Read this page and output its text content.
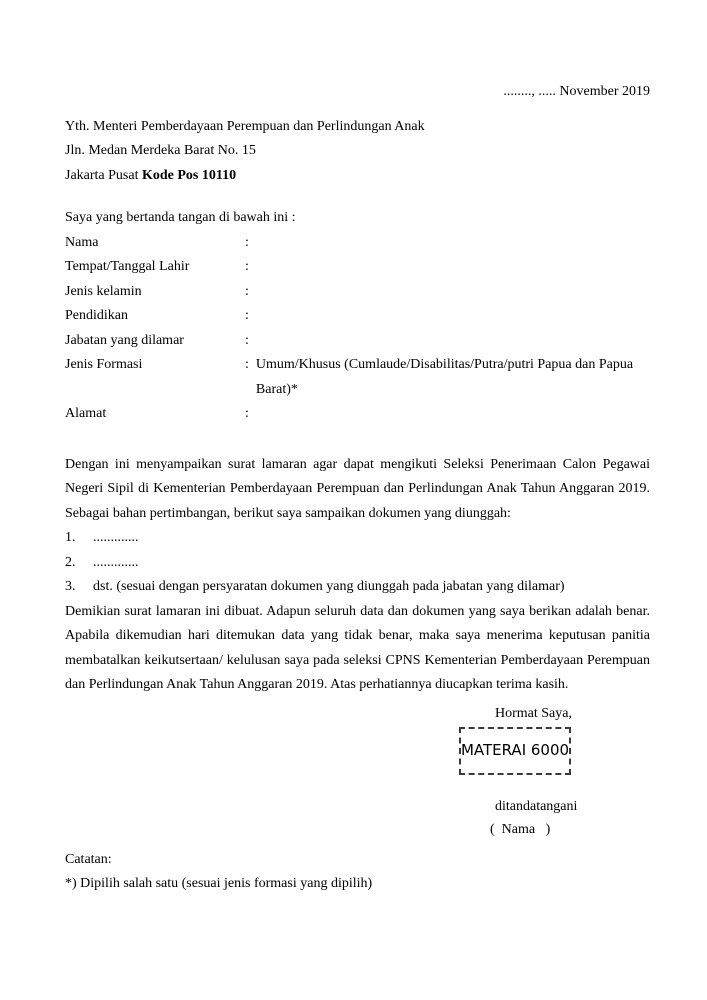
........, ..... November 2019
Yth. Menteri Pemberdayaan Perempuan dan Perlindungan Anak
Jln. Medan Merdeka Barat No. 15
Jakarta Pusat Kode Pos 10110
Saya yang bertanda tangan di bawah ini :
Nama	:
Tempat/Tanggal Lahir	:
Jenis kelamin	:
Pendidikan	:
Jabatan yang dilamar	:
Jenis Formasi	: Umum/Khusus (Cumlaude/Disabilitas/Putra/putri Papua dan Papua Barat)*
Alamat	:

Dengan ini menyampaikan surat lamaran agar dapat mengikuti Seleksi Penerimaan Calon Pegawai Negeri Sipil di Kementerian Pemberdayaan Perempuan dan Perlindungan Anak Tahun Anggaran 2019. Sebagai bahan pertimbangan, berikut saya sampaikan dokumen yang diunggah:

1.	.............
2.	.............
3.	dst. (sesuai dengan persyaratan dokumen yang diunggah pada jabatan yang dilamar)

Demikian surat lamaran ini dibuat. Adapun seluruh data dan dokumen yang saya berikan adalah benar. Apabila dikemudian hari ditemukan data yang tidak benar, maka saya menerima keputusan panitia membatalkan keikutsertaan/ kelulusan saya pada seleksi CPNS Kementerian Pemberdayaan Perempuan dan Perlindungan Anak Tahun Anggaran 2019. Atas perhatiannya diucapkan terima kasih.

Hormat Saya,
MATERAI 6000
ditandatangani
(  Nama   )
Catatan:
*) Dipilih salah satu (sesuai jenis formasi yang dipilih)
